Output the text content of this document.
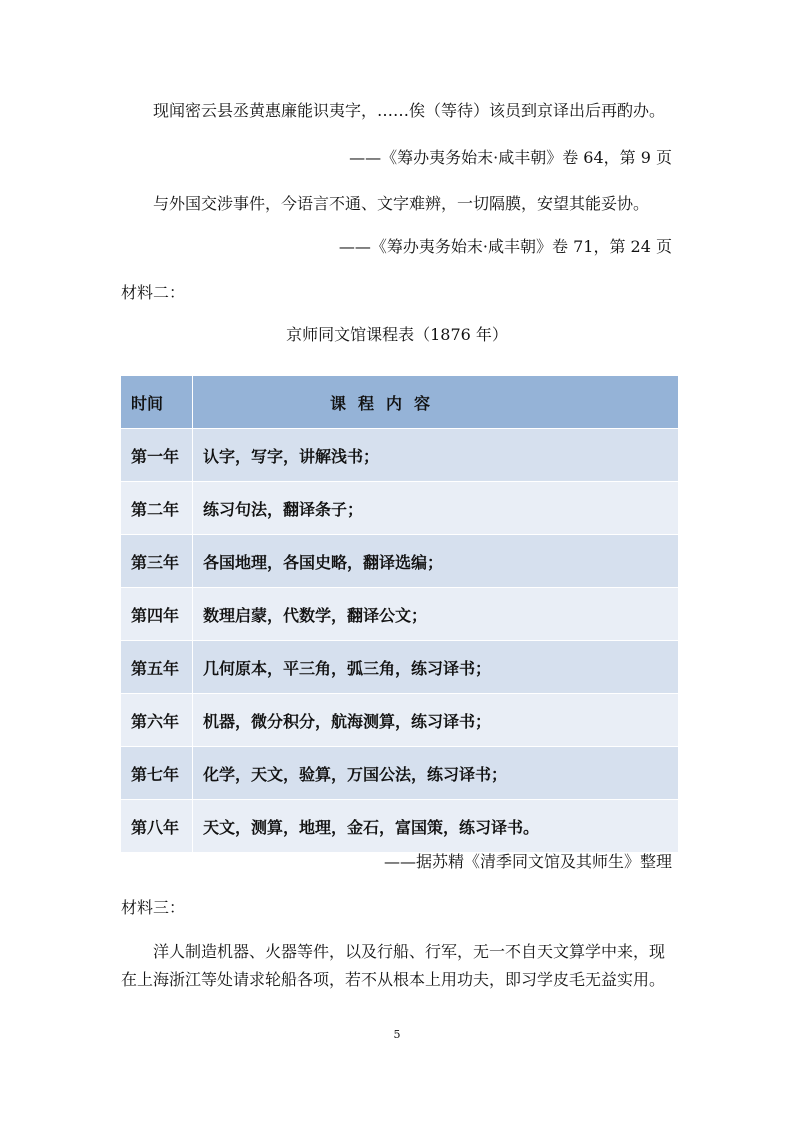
现闻密云县丞黄惠廉能识夷字，……俟（等待）该员到京译出后再酌办。
——《筹办夷务始末·咸丰朝》卷 64，第 9 页
与外国交涉事件，今语言不通、文字难辨，一切隔膜，安望其能妥协。
——《筹办夷务始末·咸丰朝》卷 71，第 24 页
材料二：
京师同文馆课程表（1876 年）
时间	课程内容
第一年	认字，写字，讲解浅书；
第二年	练习句法，翻译条子；
第三年	各国地理，各国史略，翻译选编；
第四年	数理启蒙，代数学，翻译公文；
第五年	几何原本，平三角，弧三角，练习译书；
第六年	机器，微分积分，航海测算，练习译书；
第七年	化学，天文，验算，万国公法，练习译书；
第八年	天文，测算，地理，金石，富国策，练习译书。
——据苏精《清季同文馆及其师生》整理
材料三：
洋人制造机器、火器等件，以及行船、行军，无一不自天文算学中来，现
在上海浙江等处请求轮船各项，若不从根本上用功夫，即习学皮毛无益实用。
5
